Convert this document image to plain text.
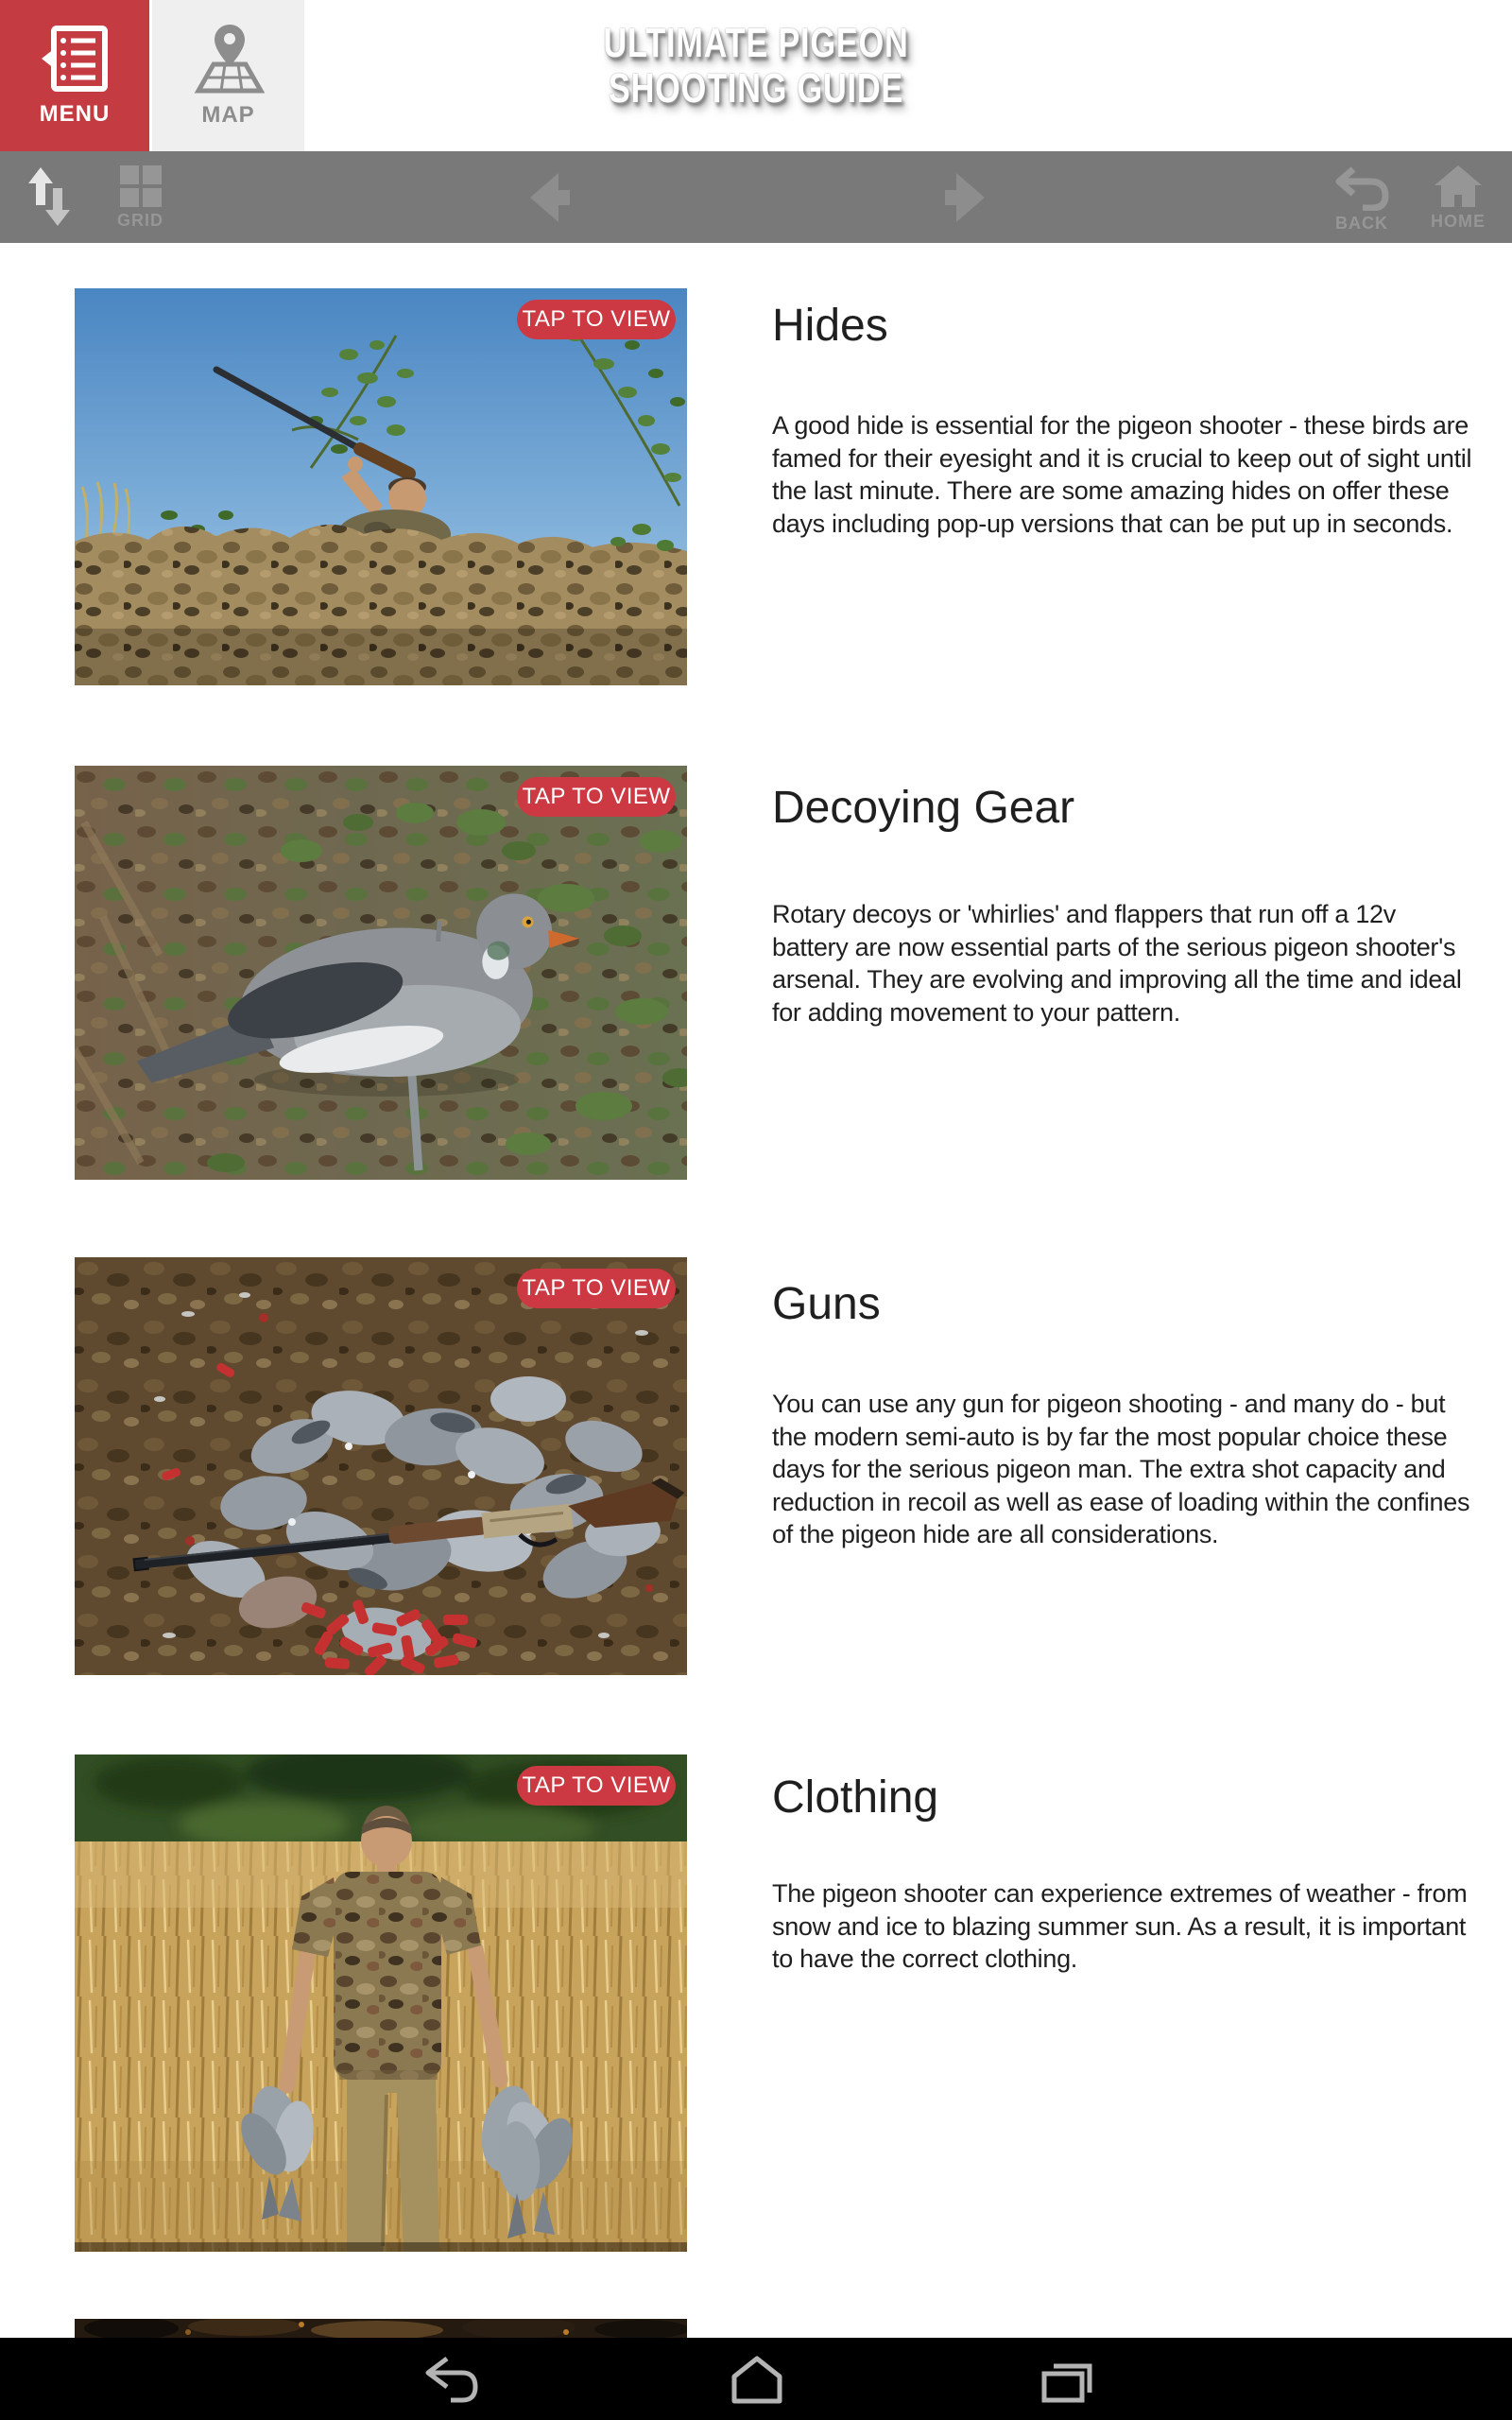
MENU	MAP
ULTIMATE PIGEON
SHOOTING GUIDE
GRID	BACK	HOME
TAP TO VIEW Hides

A good hide is essential for the pigeon shooter - these birds are famed for their eyesight and it is crucial to keep out of sight until the last minute. There are some amazing hides on offer these days including pop-up versions that can be put up in seconds.

TAP TO VIEW Decoying Gear

Rotary decoys or 'whirlies' and flappers that run off a 12v battery are now essential parts of the serious pigeon shooter's arsenal. They are evolving and improving all the time and ideal for adding movement to your pattern.

TAP TO VIEW Guns

You can use any gun for pigeon shooting - and many do - but the modern semi-auto is by far the most popular choice these days for the serious pigeon man. The extra shot capacity and reduction in recoil as well as ease of loading within the confines of the pigeon hide are all considerations.

TAP TO VIEW Clothing

The pigeon shooter can experience extremes of weather - from snow and ice to blazing summer sun. As a result, it is important to have the correct clothing.
